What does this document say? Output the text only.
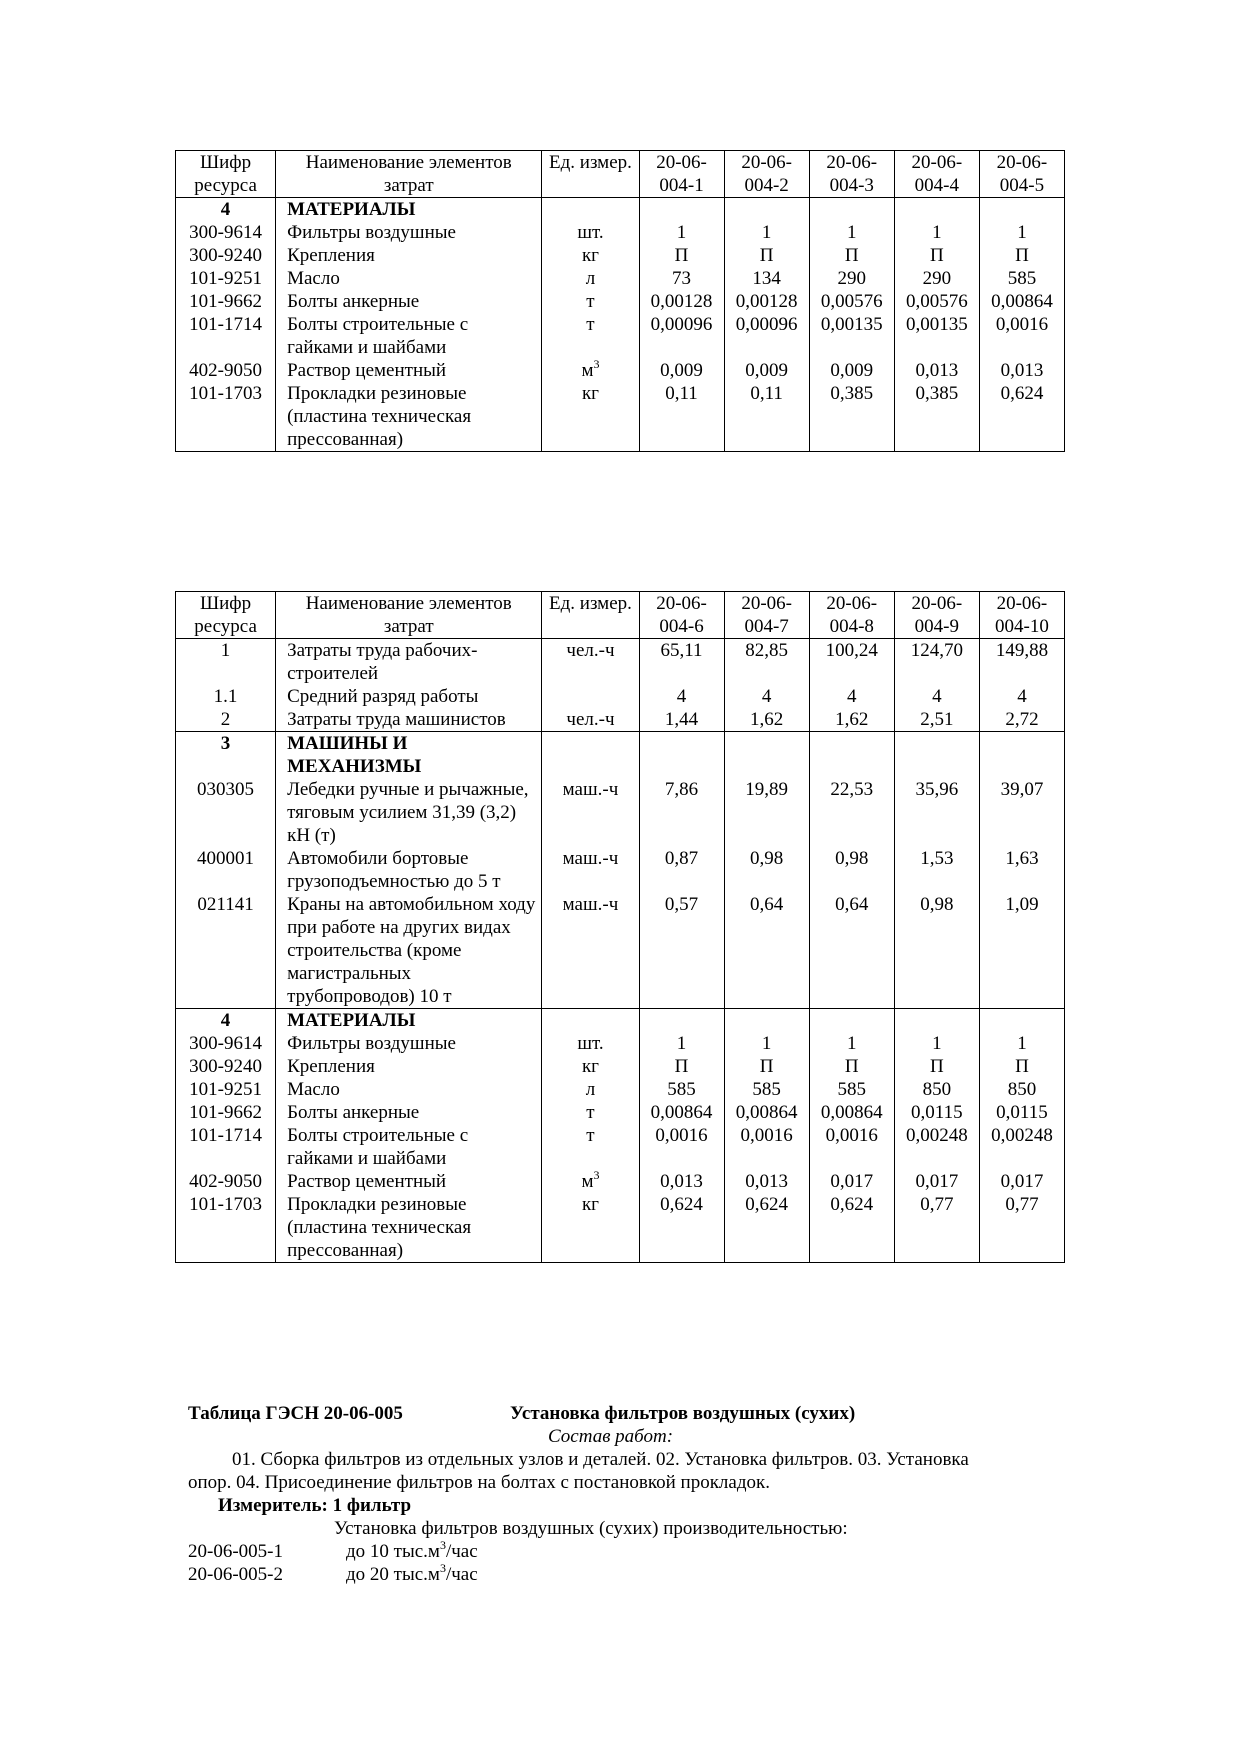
Шифр ресурса	Наименование элементов затрат	Ед. измер.	20-06-004-1	20-06-004-2	20-06-004-3	20-06-004-4	20-06-004-5
4	МАТЕРИАЛЫ						
300-9614	Фильтры воздушные	шт.	1	1	1	1	1
300-9240	Крепления	кг	П	П	П	П	П
101-9251	Масло	л	73	134	290	290	585
101-9662	Болты анкерные	т	0,00128	0,00128	0,00576	0,00576	0,00864
101-1714	Болты строительные с гайками и шайбами	т	0,00096	0,00096	0,00135	0,00135	0,0016
402-9050	Раствор цементный	$м^3$	0,009	0,009	0,009	0,013	0,013
101-1703	Прокладки резиновые (пластина техническая прессованная)	кг	0,11	0,11	0,385	0,385	0,624
Шифр ресурса	Наименование элементов затрат	Ед. измер.	20-06-004-6	20-06-004-7	20-06-004-8	20-06-004-9	20-06-004-10
1	Затраты труда рабочих-строителей	чел.-ч	65,11	82,85	100,24	124,70	149,88
1.1	Средний разряд работы		4	4	4	4	4
2	Затраты труда машинистов	чел.-ч	1,44	1,62	1,62	2,51	2,72
3	МАШИНЫ И МЕХАНИЗМЫ						
030305	Лебедки ручные и рычажные, тяговым усилием 31,39 (3,2) кН (т)	маш.-ч	7,86	19,89	22,53	35,96	39,07
400001	Автомобили бортовые грузоподъемностью до 5 т	маш.-ч	0,87	0,98	0,98	1,53	1,63
021141	Краны на автомобильном ходу при работе на других видах строительства (кроме магистральных трубопроводов) 10 т	маш.-ч	0,57	0,64	0,64	0,98	1,09
4	МАТЕРИАЛЫ						
300-9614	Фильтры воздушные	шт.	1	1	1	1	1
300-9240	Крепления	кг	П	П	П	П	П
101-9251	Масло	л	585	585	585	850	850
101-9662	Болты анкерные	т	0,00864	0,00864	0,00864	0,0115	0,0115
101-1714	Болты строительные с гайками и шайбами	т	0,0016	0,0016	0,0016	0,00248	0,00248
402-9050	Раствор цементный	$м^3$	0,013	0,013	0,017	0,017	0,017
101-1703	Прокладки резиновые (пластина техническая прессованная)	кг	0,624	0,624	0,624	0,77	0,77
Таблица ГЭСН 20-06-005	Установка фильтров воздушных (сухих)
Состав работ:
01. Сборка фильтров из отдельных узлов и деталей. 02. Установка фильтров. 03. Установка
опор. 04. Присоединение фильтров на болтах с постановкой прокладок.
Измеритель: 1 фильтр
Установка фильтров воздушных (сухих) производительностью:
20-06-005-1	до 10 $тыс.м^3$/час
20-06-005-2	до 20 $тыс.м^3$/час
